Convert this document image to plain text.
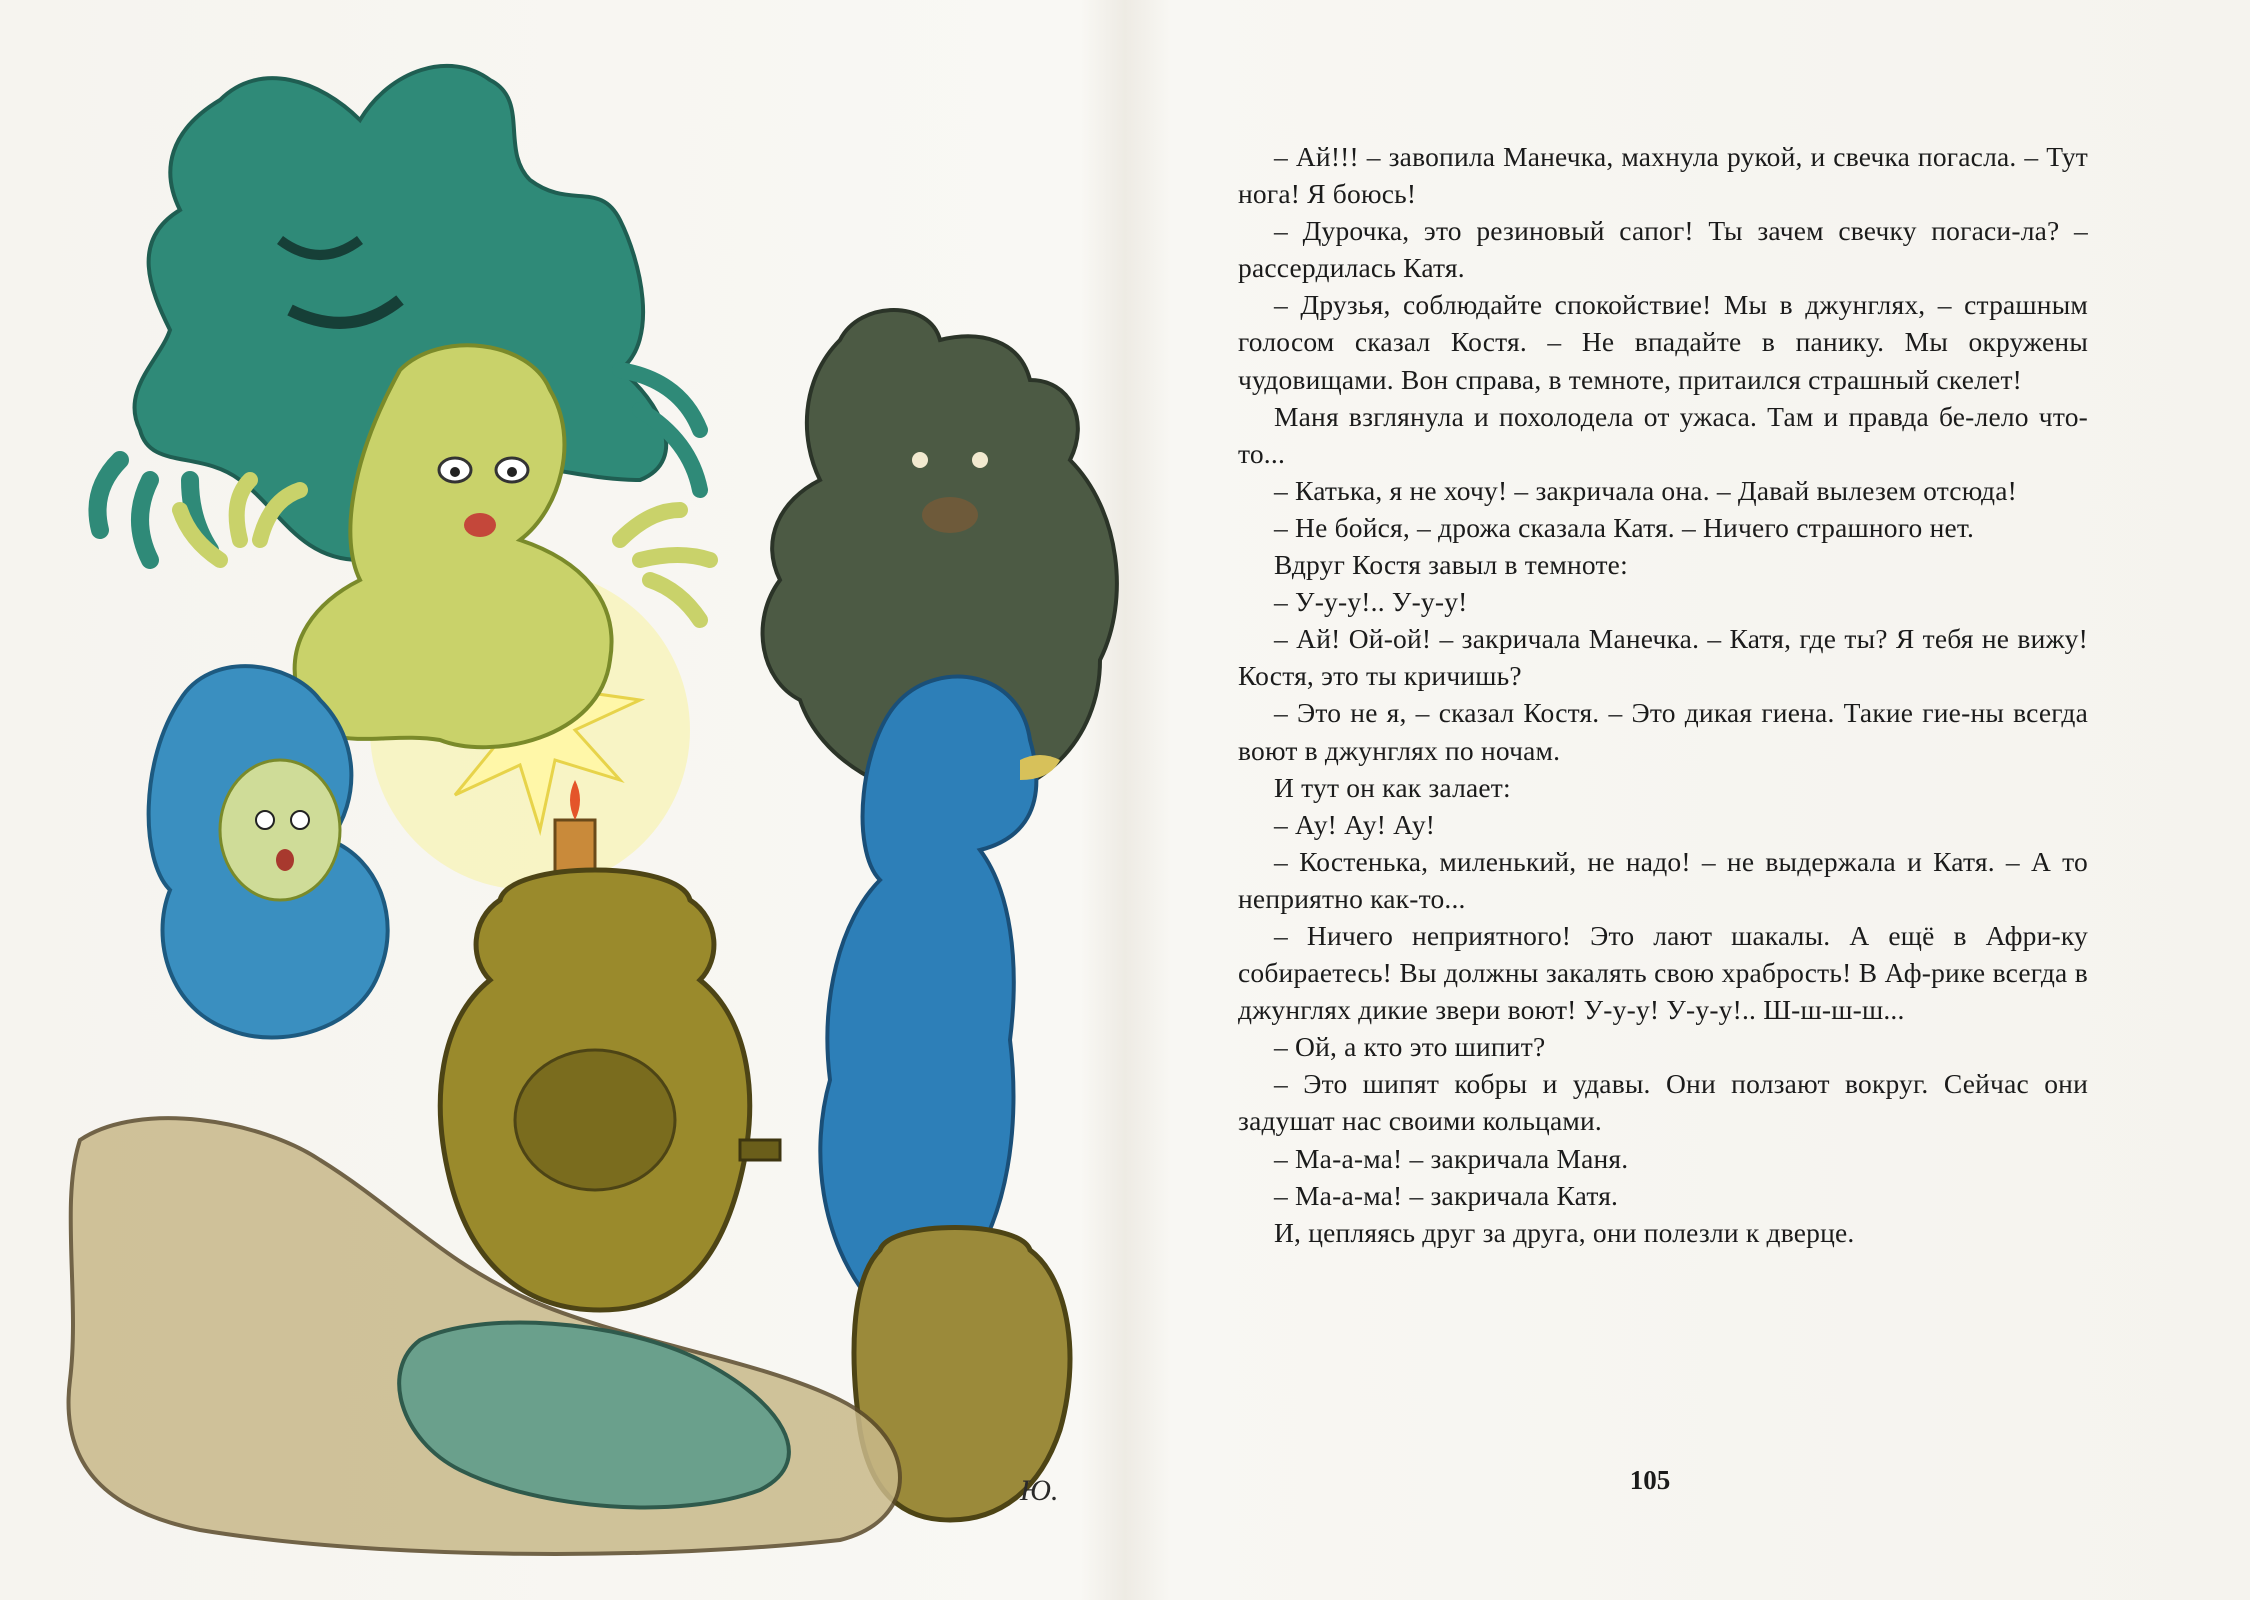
Ю.

– Ай!!! – завопила Манечка, махнула рукой, и свечка погасла. – Тут нога! Я боюсь!

– Дурочка, это резиновый сапог! Ты зачем свечку погаси-ла? – рассердилась Катя.

– Друзья, соблюдайте спокойствие! Мы в джунглях, – страшным голосом сказал Костя. – Не впадайте в панику. Мы окружены чудовищами. Вон справа, в темноте, притаился страшный скелет!

Маня взглянула и похолодела от ужаса. Там и правда бе-лело что-то...

– Катька, я не хочу! – закричала она. – Давай вылезем отсюда!

– Не бойся, – дрожа сказала Катя. – Ничего страшного нет.

Вдруг Костя завыл в темноте:

– У-у-у!.. У-у-у!

– Ай! Ой-ой! – закричала Манечка. – Катя, где ты? Я тебя не вижу! Костя, это ты кричишь?

– Это не я, – сказал Костя. – Это дикая гиена. Такие гие-ны всегда воют в джунглях по ночам.

И тут он как залает:

– Ау! Ау! Ау!

– Костенька, миленький, не надо! – не выдержала и Катя. – А то неприятно как-то...

– Ничего неприятного! Это лают шакалы. А ещё в Афри-ку собираетесь! Вы должны закалять свою храбрость! В Аф-рике всегда в джунглях дикие звери воют! У-у-у! У-у-у!.. Ш-ш-ш-ш...

– Ой, а кто это шипит?

– Это шипят кобры и удавы. Они ползают вокруг. Сейчас они задушат нас своими кольцами.

– Ма-а-ма! – закричала Маня.

– Ма-а-ма! – закричала Катя.

И, цепляясь друг за друга, они полезли к дверце.

105
